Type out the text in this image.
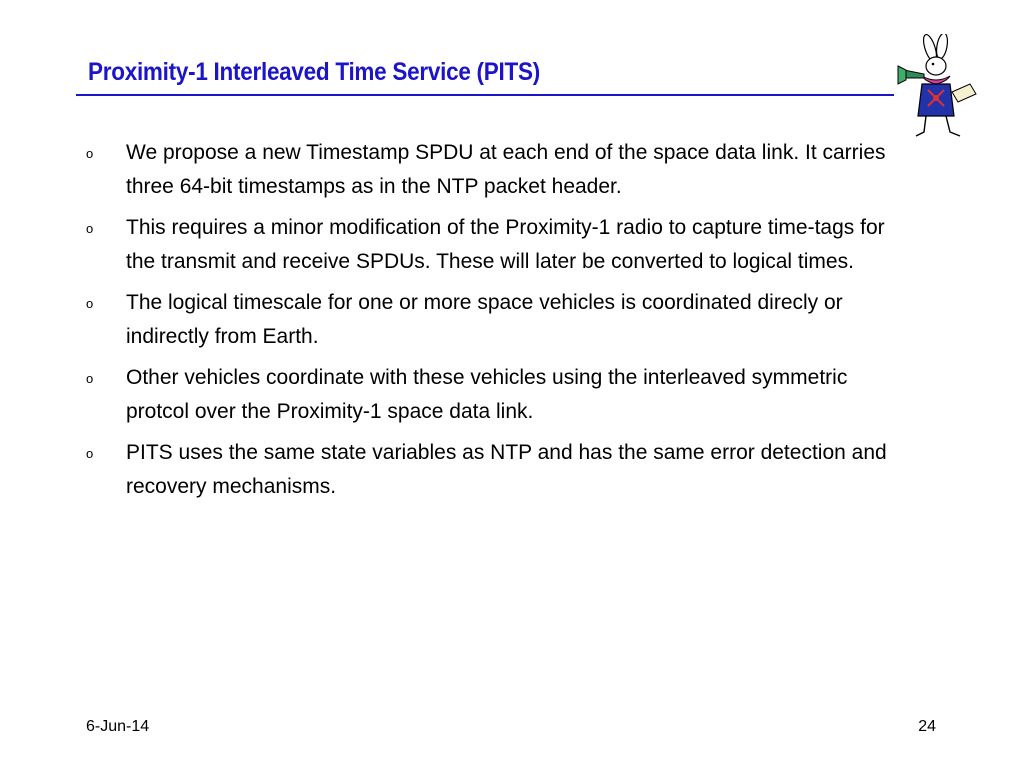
Proximity-1 Interleaved Time Service (PITS)
o We propose a new Timestamp SPDU at each end of the space data link. It carries three 64-bit timestamps as in the NTP packet header.
o This requires a minor modification of the Proximity-1 radio to capture time-tags for the transmit and receive SPDUs. These will later be converted to logical times.
o The logical timescale for one or more space vehicles is coordinated direcly or indirectly from Earth.
o Other vehicles coordinate with these vehicles using the interleaved symmetric protcol over the Proximity-1 space data link.
o PITS uses the same state variables as NTP and has the same error detection and recovery mechanisms.
6-Jun-14	24
